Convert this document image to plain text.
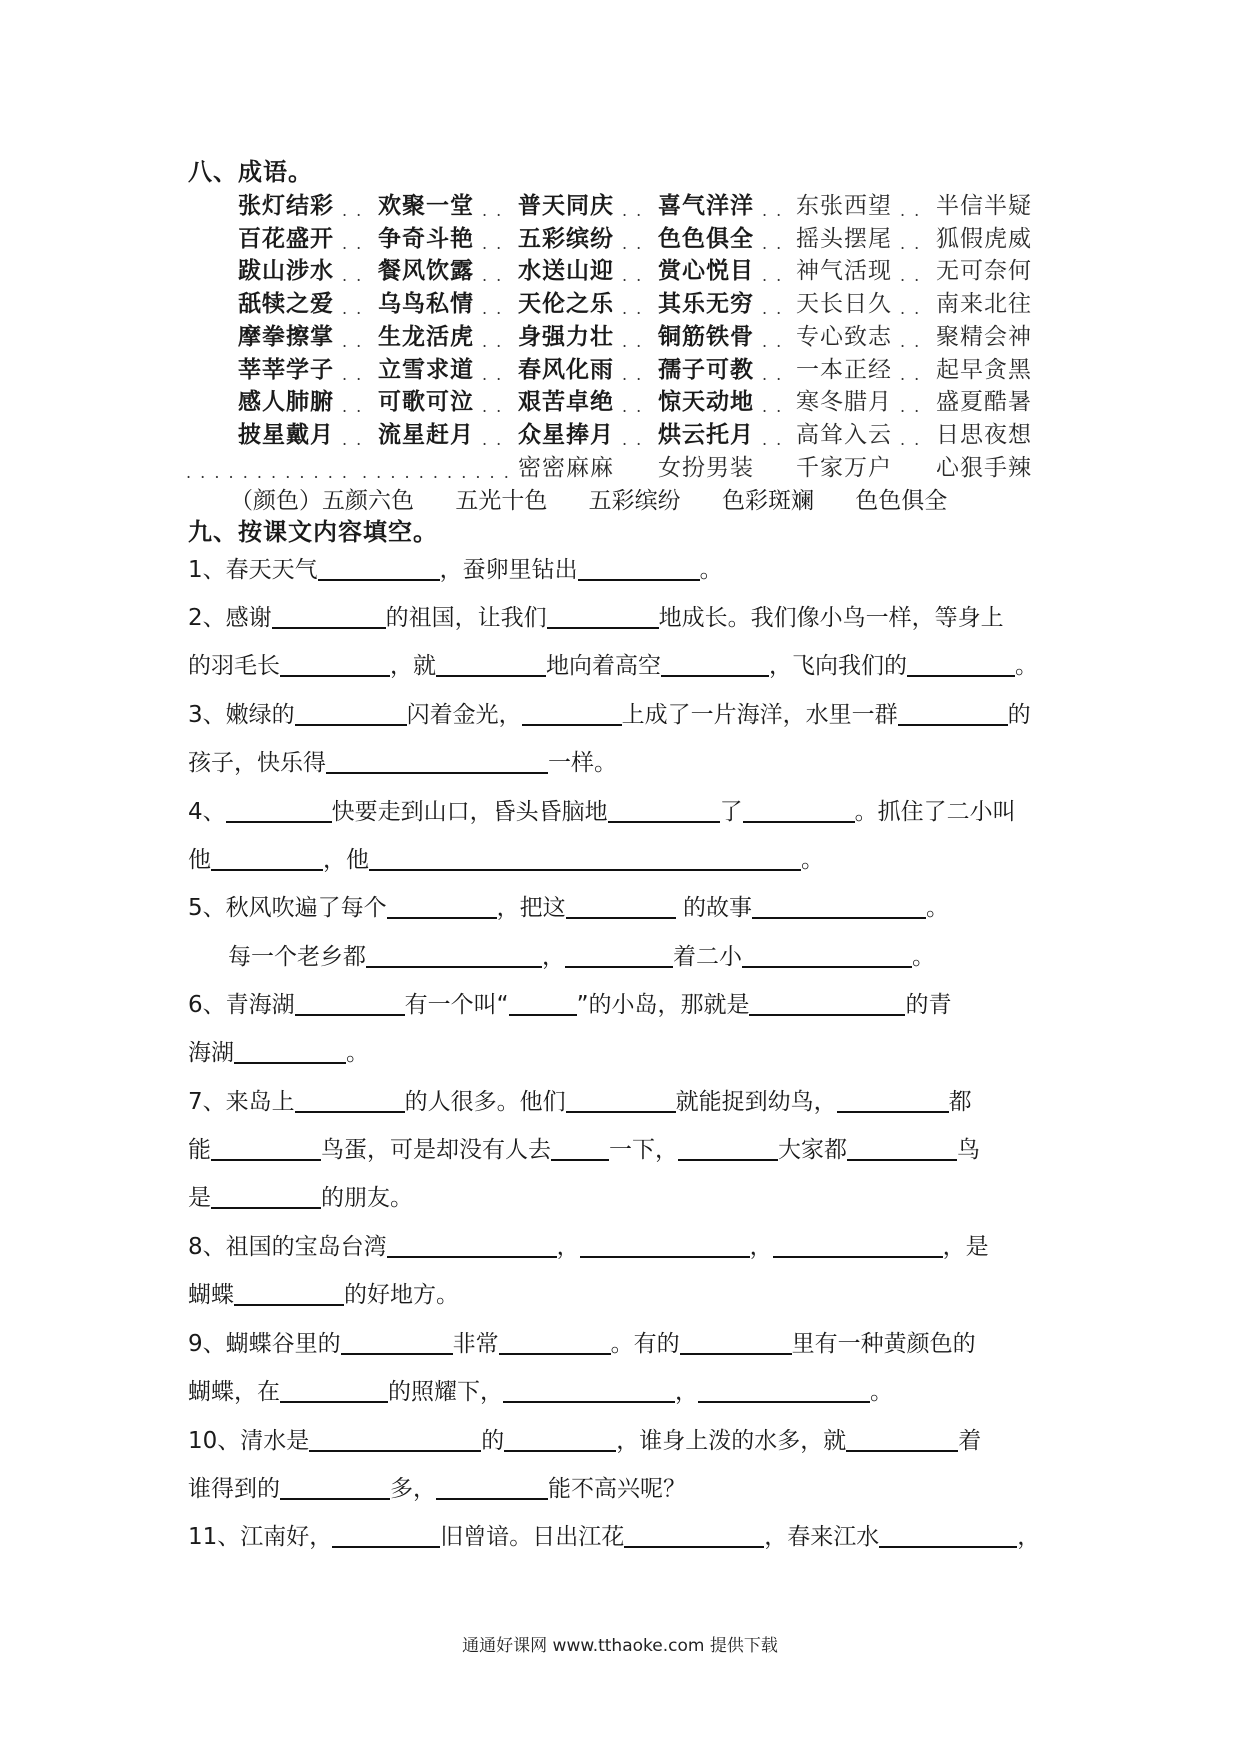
八、成语。
张灯结彩 . . 欢聚一堂 . . 普天同庆 . . 喜气洋洋 . . 东张西望 . . 半信半疑
百花盛开 . . 争奇斗艳 . . 五彩缤纷 . . 色色俱全 . . 摇头摆尾 . . 狐假虎威
跋山涉水 . . 餐风饮露 . . 水送山迎 . . 赏心悦目 . . 神气活现 . . 无可奈何
舐犊之爱 . . 乌鸟私情 . . 天伦之乐 . . 其乐无穷 . . 天长日久 . . 南来北往
摩拳擦掌 . . 生龙活虎 . . 身强力壮 . . 铜筋铁骨 . . 专心致志 . . 聚精会神
莘莘学子 . . 立雪求道 . . 春风化雨 . . 孺子可教 . . 一本正经 . . 起早贪黑
感人肺腑 . . 可歌可泣 . . 艰苦卓绝 . . 惊天动地 . . 寒冬腊月 . . 盛夏酷暑
披星戴月 . . 流星赶月 . . 众星捧月 . . 烘云托月 . . 高耸入云 . . 日思夜想
. . . . . . . . . . . . . . . . . . . . . . . 密密麻麻 女扮男装 千家万户 心狠手辣
（颜色）五颜六色 五光十色 五彩缤纷 色彩斑斓 色色俱全
九、按课文内容填空。
1、春天天气	，蚕卵里钻出	。
2、感谢	的祖国，让我们	地成长。我们像小鸟一样，等身上
的羽毛长	，就	地向着高空	，飞向我们的	。
3、嫩绿的	闪着金光，	上成了一片海洋，水里一群	的
孩子，快乐得	一样。
4、	快要走到山口，昏头昏脑地	了	。抓住了二小叫
他	，他	。
5、秋风吹遍了每个	，把这	的故事	。
每一个老乡都	，	着二小	。
6、青海湖	有一个叫“	”的小岛，那就是	的青
海湖	。
7、来岛上	的人很多。他们	就能捉到幼鸟，	都
能	鸟蛋，可是却没有人去	一下，	大家都	鸟
是	的朋友。
8、祖国的宝岛台湾	，	，	，是
蝴蝶	的好地方。
9、蝴蝶谷里的	非常	。有的	里有一种黄颜色的
蝴蝶，在	的照耀下，	，	。
10、清水是	的	，谁身上泼的水多，就	着
谁得到的	多，	能不高兴呢？
11、江南好，	旧曾谙。日出江花	，春来江水	，
通通好课网 www.tthaoke.com 提供下载
